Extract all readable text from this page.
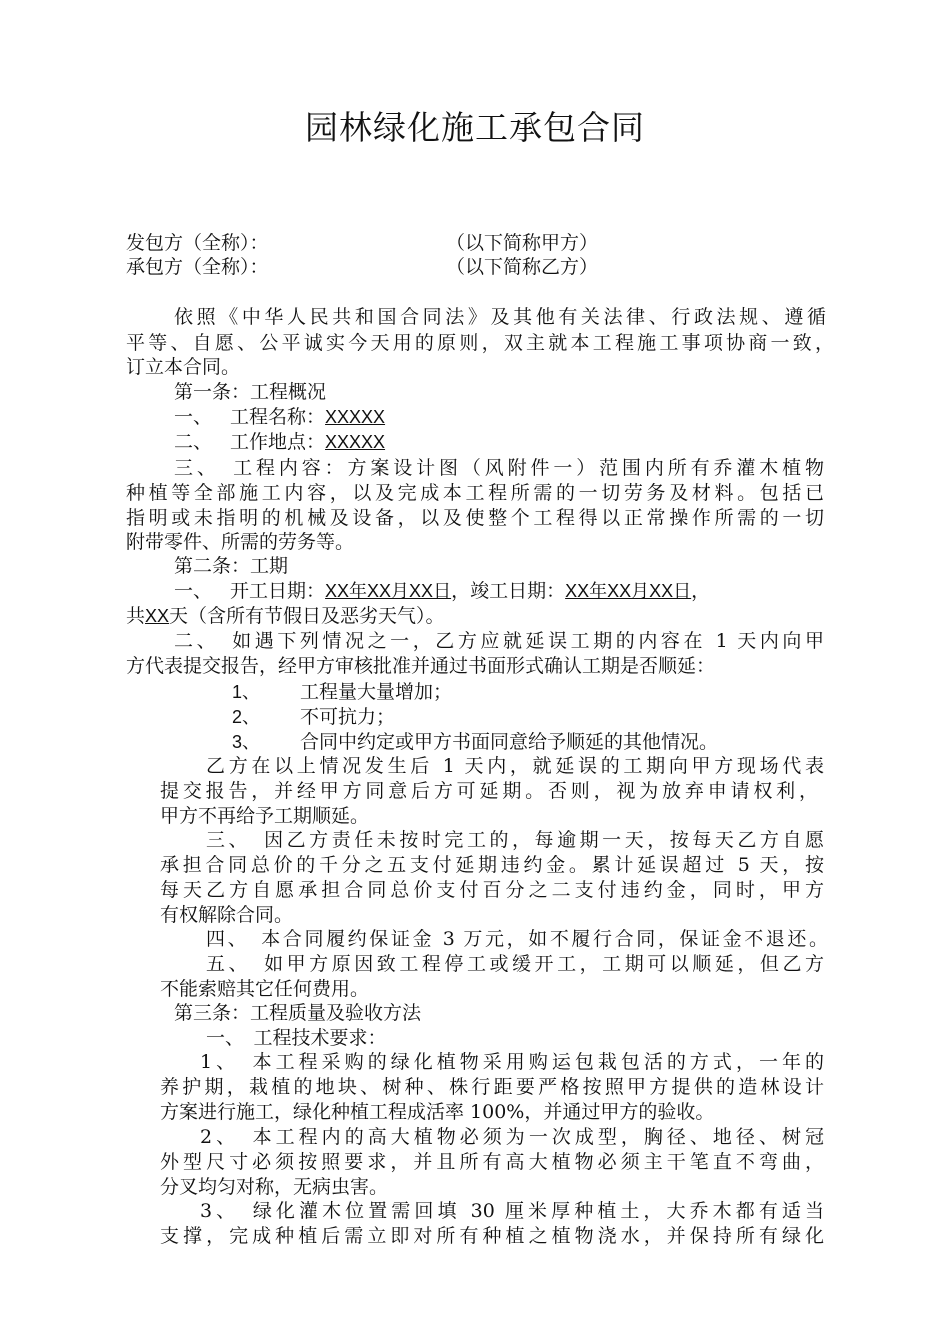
园林绿化施工承包合同
发包方（全称）：	（以下简称甲方）
承包方（全称）：	（以下简称乙方）
依照《中华人民共和国合同法》及其他有关法律、行政法规、遵循
平等、自愿、公平诚实今天用的原则，双主就本工程施工事项协商一致，
订立本合同。
第一条：工程概况
一、 工程名称：XXXXX
二、 工作地点：XXXXX
三、　工程内容：方案设计图（风附件一）范围内所有乔灌木植物
种植等全部施工内容，以及完成本工程所需的一切劳务及材料。包括已
指明或未指明的机械及设备，以及使整个工程得以正常操作所需的一切
附带零件、所需的劳务等。
第二条：工期
一、 开工日期：XX年XX月XX日，竣工日期：XX年XX月XX日，
共XX天（含所有节假日及恶劣天气）。
二、　如遇下列情况之一，乙方应就延误工期的内容在 1 天内向甲
方代表提交报告，经甲方审核批准并通过书面形式确认工期是否顺延：
1、 工程量大量增加；
2、 不可抗力；
3、 合同中约定或甲方书面同意给予顺延的其他情况。
乙方在以上情况发生后 1 天内，就延误的工期向甲方现场代表
提交报告，并经甲方同意后方可延期。否则，视为放弃申请权利，
甲方不再给予工期顺延。
三、　因乙方责任未按时完工的，每逾期一天，按每天乙方自愿
承担合同总价的千分之五支付延期违约金。累计延误超过 5 天，按
每天乙方自愿承担合同总价支付百分之二支付违约金，同时，甲方
有权解除合同。
四、　本合同履约保证金 3 万元，如不履行合同，保证金不退还。
五、　如甲方原因致工程停工或缓开工，工期可以顺延，但乙方
不能索赔其它任何费用。
第三条：工程质量及验收方法
一、　工程技术要求：
1、　本工程采购的绿化植物采用购运包栽包活的方式，一年的
养护期，栽植的地块、树种、株行距要严格按照甲方提供的造林设计
方案进行施工，绿化种植工程成活率 100%，并通过甲方的验收。
2、　本工程内的高大植物必须为一次成型，胸径、地径、树冠
外型尺寸必须按照要求，并且所有高大植物必须主干笔直不弯曲，
分叉均匀对称，无病虫害。
3、　绿化灌木位置需回填 30 厘米厚种植土，大乔木都有适当
支撑，完成种植后需立即对所有种植之植物浇水，并保持所有绿化
